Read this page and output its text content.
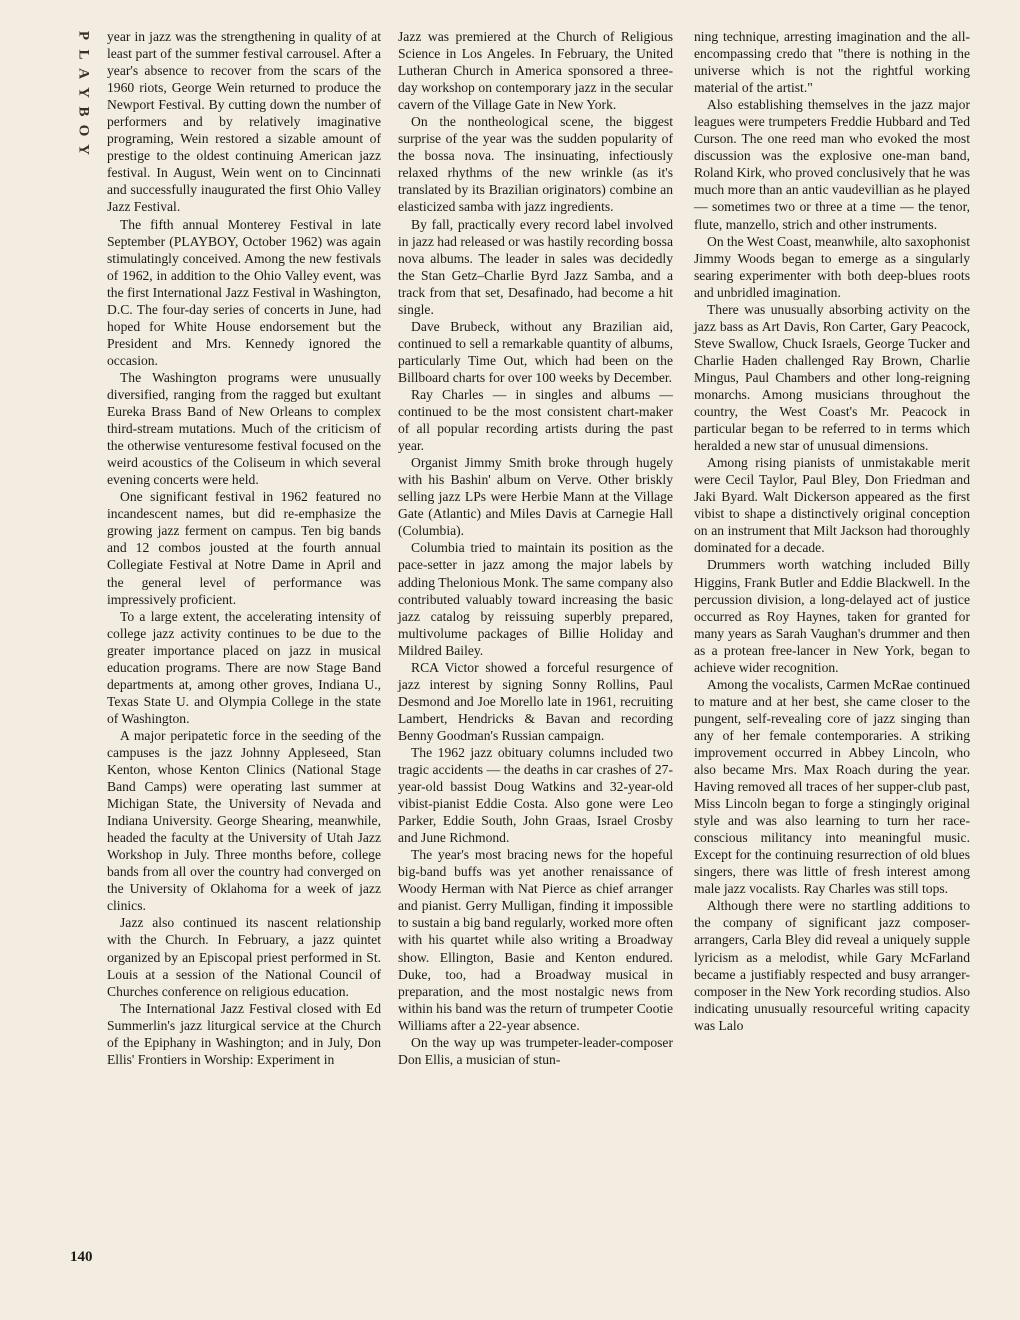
P
L
A
Y
B
O
Y
140

year in jazz was the strengthening in quality of at least part of the summer festival carrousel. After a year's absence to recover from the scars of the 1960 riots, George Wein returned to produce the Newport Festival. By cutting down the number of performers and by relatively imaginative programing, Wein restored a sizable amount of prestige to the oldest continuing American jazz festival. In August, Wein went on to Cincinnati and successfully inaugurated the first Ohio Valley Jazz Festival.

The fifth annual Monterey Festival in late September (PLAYBOY, October 1962) was again stimulatingly conceived. Among the new festivals of 1962, in addition to the Ohio Valley event, was the first International Jazz Festival in Washington, D.C. The four-day series of concerts in June, had hoped for White House endorsement but the President and Mrs. Kennedy ignored the occasion.

The Washington programs were unusually diversified, ranging from the ragged but exultant Eureka Brass Band of New Orleans to complex third-stream mutations. Much of the criticism of the otherwise venturesome festival focused on the weird acoustics of the Coliseum in which several evening concerts were held.

One significant festival in 1962 featured no incandescent names, but did re-emphasize the growing jazz ferment on campus. Ten big bands and 12 combos jousted at the fourth annual Collegiate Festival at Notre Dame in April and the general level of performance was impressively proficient.

To a large extent, the accelerating intensity of college jazz activity continues to be due to the greater importance placed on jazz in musical education programs. There are now Stage Band departments at, among other groves, Indiana U., Texas State U. and Olympia College in the state of Washington.

A major peripatetic force in the seeding of the campuses is the jazz Johnny Appleseed, Stan Kenton, whose Kenton Clinics (National Stage Band Camps) were operating last summer at Michigan State, the University of Nevada and Indiana University. George Shearing, meanwhile, headed the faculty at the University of Utah Jazz Workshop in July. Three months before, college bands from all over the country had converged on the University of Oklahoma for a week of jazz clinics.

Jazz also continued its nascent relationship with the Church. In February, a jazz quintet organized by an Episcopal priest performed in St. Louis at a session of the National Council of Churches conference on religious education.

The International Jazz Festival closed with Ed Summerlin's jazz liturgical service at the Church of the Epiphany in Washington; and in July, Don Ellis' Frontiers in Worship: Experiment in

Jazz was premiered at the Church of Religious Science in Los Angeles. In February, the United Lutheran Church in America sponsored a three-day workshop on contemporary jazz in the secular cavern of the Village Gate in New York.

On the nontheological scene, the biggest surprise of the year was the sudden popularity of the bossa nova. The insinuating, infectiously relaxed rhythms of the new wrinkle (as it's translated by its Brazilian originators) combine an elasticized samba with jazz ingredients.

By fall, practically every record label involved in jazz had released or was hastily recording bossa nova albums. The leader in sales was decidedly the Stan Getz–Charlie Byrd Jazz Samba, and a track from that set, Desafinado, had become a hit single.

Dave Brubeck, without any Brazilian aid, continued to sell a remarkable quantity of albums, particularly Time Out, which had been on the Billboard charts for over 100 weeks by December.

Ray Charles — in singles and albums — continued to be the most consistent chart-maker of all popular recording artists during the past year.

Organist Jimmy Smith broke through hugely with his Bashin' album on Verve. Other briskly selling jazz LPs were Herbie Mann at the Village Gate (Atlantic) and Miles Davis at Carnegie Hall (Columbia).

Columbia tried to maintain its position as the pace-setter in jazz among the major labels by adding Thelonious Monk. The same company also contributed valuably toward increasing the basic jazz catalog by reissuing superbly prepared, multivolume packages of Billie Holiday and Mildred Bailey.

RCA Victor showed a forceful resurgence of jazz interest by signing Sonny Rollins, Paul Desmond and Joe Morello late in 1961, recruiting Lambert, Hendricks & Bavan and recording Benny Goodman's Russian campaign.

The 1962 jazz obituary columns included two tragic accidents — the deaths in car crashes of 27-year-old bassist Doug Watkins and 32-year-old vibist-pianist Eddie Costa. Also gone were Leo Parker, Eddie South, John Graas, Israel Crosby and June Richmond.

The year's most bracing news for the hopeful big-band buffs was yet another renaissance of Woody Herman with Nat Pierce as chief arranger and pianist. Gerry Mulligan, finding it impossible to sustain a big band regularly, worked more often with his quartet while also writing a Broadway show. Ellington, Basie and Kenton endured. Duke, too, had a Broadway musical in preparation, and the most nostalgic news from within his band was the return of trumpeter Cootie Williams after a 22-year absence.

On the way up was trumpeter-leader-composer Don Ellis, a musician of stun-

ning technique, arresting imagination and the all-encompassing credo that "there is nothing in the universe which is not the rightful working material of the artist."

Also establishing themselves in the jazz major leagues were trumpeters Freddie Hubbard and Ted Curson. The one reed man who evoked the most discussion was the explosive one-man band, Roland Kirk, who proved conclusively that he was much more than an antic vaudevillian as he played — sometimes two or three at a time — the tenor, flute, manzello, strich and other instruments.

On the West Coast, meanwhile, alto saxophonist Jimmy Woods began to emerge as a singularly searing experimenter with both deep-blues roots and unbridled imagination.

There was unusually absorbing activity on the jazz bass as Art Davis, Ron Carter, Gary Peacock, Steve Swallow, Chuck Israels, George Tucker and Charlie Haden challenged Ray Brown, Charlie Mingus, Paul Chambers and other long-reigning monarchs. Among musicians throughout the country, the West Coast's Mr. Peacock in particular began to be referred to in terms which heralded a new star of unusual dimensions.

Among rising pianists of unmistakable merit were Cecil Taylor, Paul Bley, Don Friedman and Jaki Byard. Walt Dickerson appeared as the first vibist to shape a distinctively original conception on an instrument that Milt Jackson had thoroughly dominated for a decade.

Drummers worth watching included Billy Higgins, Frank Butler and Eddie Blackwell. In the percussion division, a long-delayed act of justice occurred as Roy Haynes, taken for granted for many years as Sarah Vaughan's drummer and then as a protean free-lancer in New York, began to achieve wider recognition.

Among the vocalists, Carmen McRae continued to mature and at her best, she came closer to the pungent, self-revealing core of jazz singing than any of her female contemporaries. A striking improvement occurred in Abbey Lincoln, who also became Mrs. Max Roach during the year. Having removed all traces of her supper-club past, Miss Lincoln began to forge a stingingly original style and was also learning to turn her race-conscious militancy into meaningful music. Except for the continuing resurrection of old blues singers, there was little of fresh interest among male jazz vocalists. Ray Charles was still tops.

Although there were no startling additions to the company of significant jazz composer-arrangers, Carla Bley did reveal a uniquely supple lyricism as a melodist, while Gary McFarland became a justifiably respected and busy arranger-composer in the New York recording studios. Also indicating unusually resourceful writing capacity was Lalo
